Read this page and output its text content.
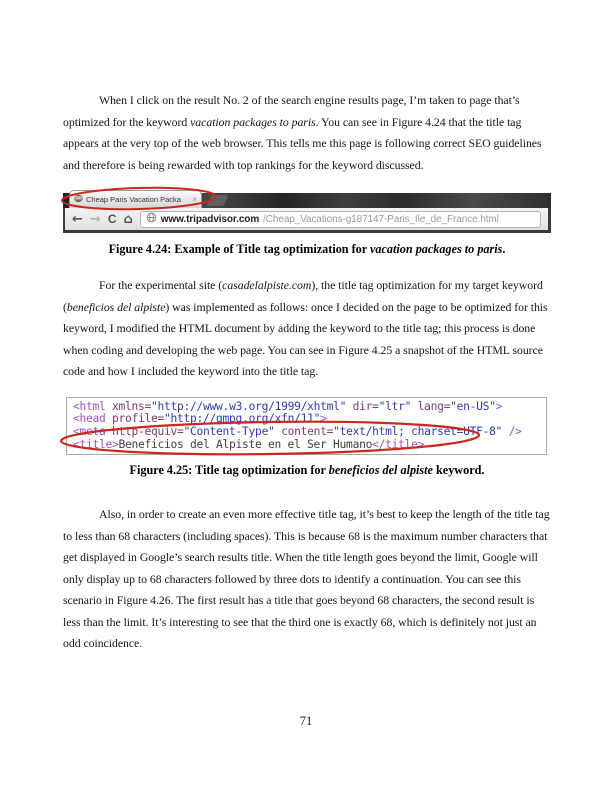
When I click on the result No. 2 of the search engine results page, I’m taken to page that’s optimized for the keyword vacation packages to paris. You can see in Figure 4.24 that the title tag appears at the very top of the web browser. This tells me this page is following correct SEO guidelines and therefore is being rewarded with top rankings for the keyword discussed.

Cheap Paris Vacation Packa	×
← → C ⌂	www.tripadvisor.com /Cheap_Vacations-g187147-Paris_Ile_de_France.html

Figure 4.24: Example of Title tag optimization for vacation packages to paris.

For the experimental site (casadelalpiste.com), the title tag optimization for my target keyword (beneficios del alpiste) was implemented as follows: once I decided on the page to be optimized for this keyword, I modified the HTML document by adding the keyword to the title tag; this process is done when coding and developing the web page. You can see in Figure 4.25 a snapshot of the HTML source code and how I included the keyword into the title tag.

<html xmlns="http://www.w3.org/1999/xhtml" dir="ltr" lang="en-US">
<head profile="http://gmpg.org/xfn/11">
<meta http-equiv="Content-Type" content="text/html; charset=UTF-8" />
<title>Beneficios del Alpiste en el Ser Humano</title>

Figure 4.25: Title tag optimization for beneficios del alpiste keyword.

Also, in order to create an even more effective title tag, it’s best to keep the length of the title tag to less than 68 characters (including spaces). This is because 68 is the maximum number characters that get displayed in Google’s search results title. When the title length goes beyond the limit, Google will only display up to 68 characters followed by three dots to identify a continuation. You can see this scenario in Figure 4.26. The first result has a title that goes beyond 68 characters, the second result is less than the limit. It’s interesting to see that the third one is exactly 68, which is definitely not just an odd coincidence.

71
